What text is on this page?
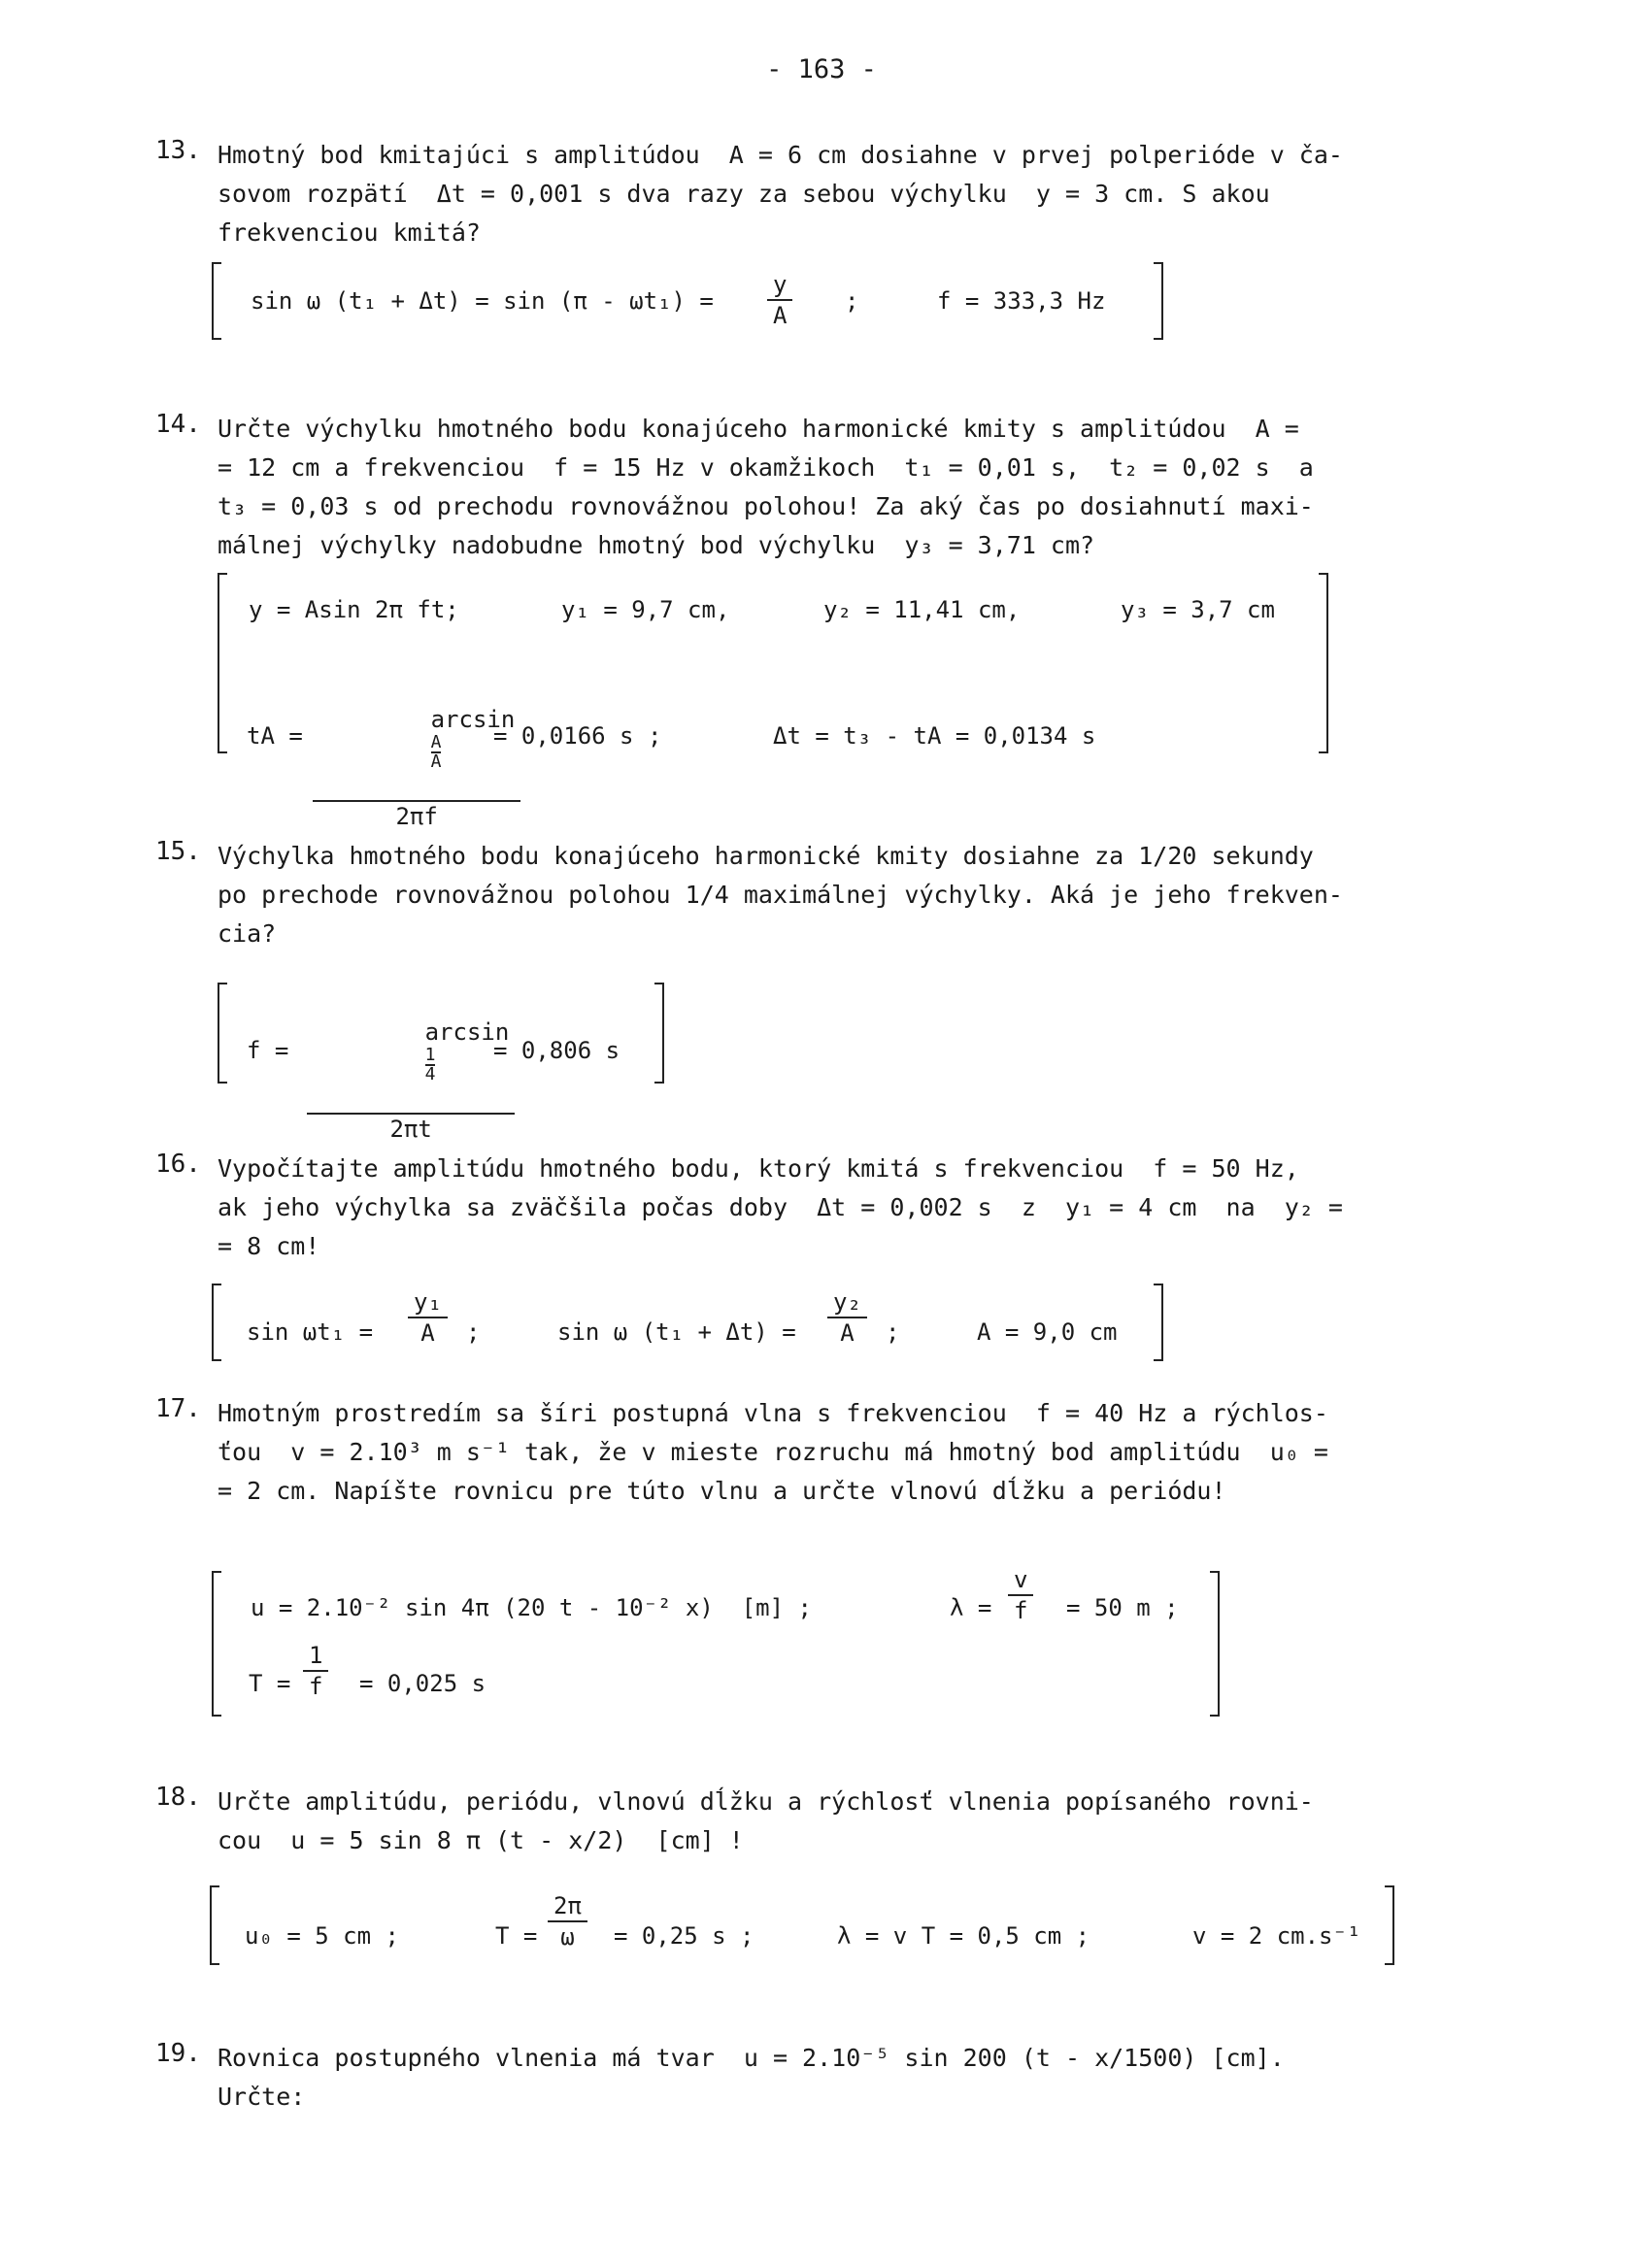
- 163 -
13. Hmotný bod kmitajúci s amplitúdou  A = 6 cm dosiahne v prvej polperióde v ča-
sovom rozpätí  Δt = 0,001 s dva razy za sebou výchylku  y = 3 cm. S akou
frekvenciou kmitá?
sin ω (t₁ + Δt) = sin (π - ωt₁) =
y
A
;	f = 333,3 Hz
14. Určte výchylku hmotného bodu konajúceho harmonické kmity s amplitúdou  A =
= 12 cm a frekvenciou  f = 15 Hz v okamžikoch  t₁ = 0,01 s,  t₂ = 0,02 s  a
t₃ = 0,03 s od prechodu rovnovážnou polohou! Za aký čas po dosiahnutí maxi-
málnej výchylky nadobudne hmotný bod výchylku  y₃ = 3,71 cm?
y = Asin 2π ft;	y₁ = 9,7 cm,	y₂ = 11,41 cm,	y₃ = 3,7 cm
tA =

arcsin

$\frac{A}{A}$

2πf
= 0,0166 s ;	Δt = t₃ - tA = 0,0134 s
15. Výchylka hmotného bodu konajúceho harmonické kmity dosiahne za 1/20 sekundy
po prechode rovnovážnou polohou 1/4 maximálnej výchylky. Aká je jeho frekven-
cia?
f =

arcsin

$\frac{1}{4}$

2πt
= 0,806 s
16. Vypočítajte amplitúdu hmotného bodu, ktorý kmitá s frekvenciou  f = 50 Hz,
ak jeho výchylka sa zväčšila počas doby  Δt = 0,002 s  z  y₁ = 4 cm  na  y₂ =
= 8 cm!
sin ωt₁ =
y₁
A ;	sin ω (t₁ + Δt) =
y₂
A ;	A = 9,0 cm
17. Hmotným prostredím sa šíri postupná vlna s frekvenciou  f = 40 Hz a rýchlos-
ťou  v = 2.10³ m s⁻¹ tak, že v mieste rozruchu má hmotný bod amplitúdu  u₀ =
= 2 cm. Napíšte rovnicu pre túto vlnu a určte vlnovú dĺžku a periódu!
u = 2.10⁻² sin 4π (20 t - 10⁻² x)  [m] ;	λ =
v
f = 50 m ;
T =
1
f = 0,025 s
18. Určte amplitúdu, periódu, vlnovú dĺžku a rýchlosť vlnenia popísaného rovni-
cou  u = 5 sin 8 π (t - x/2)  [cm] !
u₀ = 5 cm ;	T =
2π
ω = 0,25 s ;	λ = v T = 0,5 cm ;	v = 2 cm.s⁻¹
19. Rovnica postupného vlnenia má tvar  u = 2.10⁻⁵ sin 200 (t - x/1500) [cm].
Určte:
